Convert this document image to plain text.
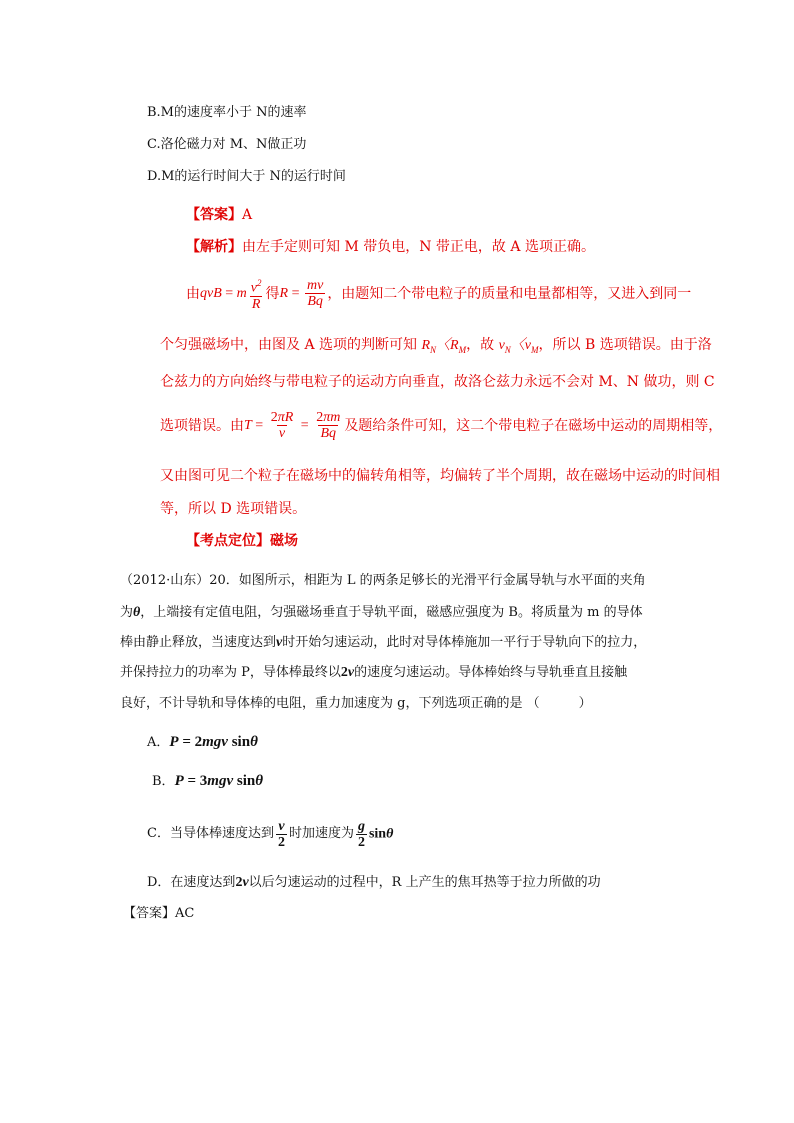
B.M的速度率小于 N的速率
C.洛伦磁力对 M、N做正功
D.M的运行时间大于 N的运行时间
【答案】A
【解析】由左手定则可知 M 带负电，N 带正电，故 A 选项正确。
由 qvB = m $\frac{v^2}{R}$ 得 $R = \frac{mv}{Bq}$ ，由题知二个带电粒子的质量和电量都相等，又进入到同一
个匀强磁场中，由图及 A 选项的判断可知 $R_N$〈$R_M$，故 $v_N$〈$v_M$，所以 B 选项错误。由于洛
仑兹力的方向始终与带电粒子的运动方向垂直，故洛仑兹力永远不会对 M、N 做功，则 C
选项错误。由 $T = \frac{2\pi R}{v} = \frac{2\pi m}{Bq}$ 及题给条件可知，这二个带电粒子在磁场中运动的周期相等，
又由图可见二个粒子在磁场中的偏转角相等，均偏转了半个周期，故在磁场中运动的时间相
等，所以 D 选项错误。
【考点定位】磁场
（2012·山东）20．如图所示，相距为 L 的两条足够长的光滑平行金属导轨与水平面的夹角
为θ，上端接有定值电阻，匀强磁场垂直于导轨平面，磁感应强度为 B。将质量为 m 的导体
棒由静止释放，当速度达到v时开始匀速运动，此时对导体棒施加一平行于导轨向下的拉力，
并保持拉力的功率为 P，导体棒最终以2v的速度匀速运动。导体棒始终与导轨垂直且接触
良好，不计导轨和导体棒的电阻，重力加速度为 g，下列选项正确的是 （　　　）
A．P = 2mgv sinθ
B．P = 3mgv sinθ
C．当导体棒速度达到 $\frac{v}{2}$ 时加速度为 $\frac{g}{2}$ sinθ
D．在速度达到2v以后匀速运动的过程中，R 上产生的焦耳热等于拉力所做的功
【答案】AC
